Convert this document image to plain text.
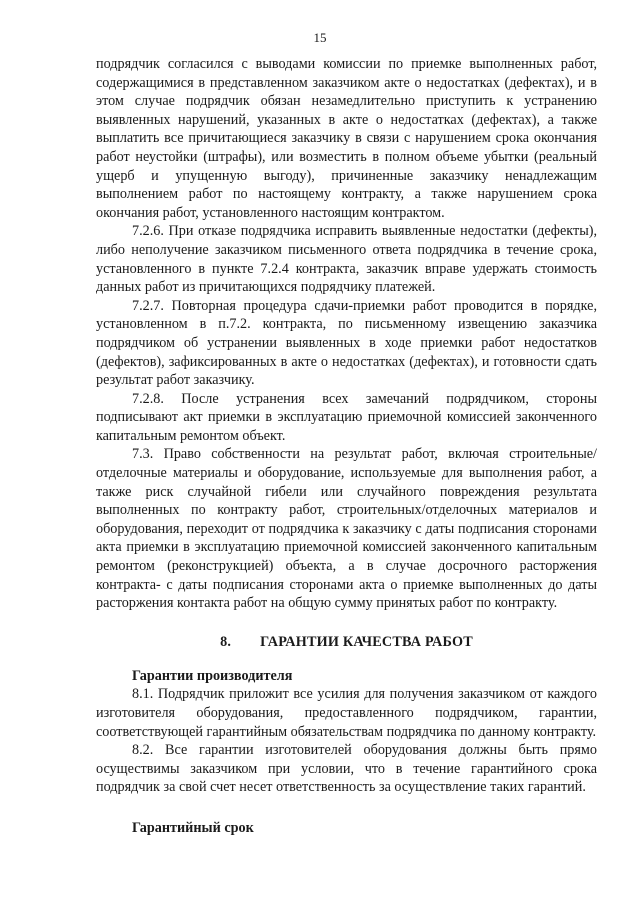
15

подрядчик согласился с выводами комиссии по приемке выполненных работ, содержащимися в представленном заказчиком акте о недостатках (дефектах), и в этом случае подрядчик обязан незамедлительно приступить к устранению выявленных нарушений, указанных в акте о недостатках (дефектах), а также выплатить все причитающиеся заказчику в связи с нарушением срока окончания работ неустойки (штрафы), или возместить в полном объеме убытки (реальный ущерб и упущенную выгоду), причиненные заказчику ненадлежащим выполнением работ по настоящему контракту, а также нарушением срока окончания работ, установленного настоящим контрактом.

7.2.6. При отказе подрядчика исправить выявленные недостатки (дефекты), либо неполучение заказчиком письменного ответа подрядчика в течение срока, установленного в пункте 7.2.4 контракта, заказчик вправе удержать стоимость данных работ из причитающихся подрядчику платежей.

7.2.7. Повторная процедура сдачи-приемки работ проводится в порядке, установленном в п.7.2. контракта, по письменному извещению заказчика подрядчиком об устранении выявленных в ходе приемки работ недостатков (дефектов), зафиксированных в акте о недостатках (дефектах), и готовности сдать результат работ заказчику.

7.2.8. После устранения всех замечаний подрядчиком, стороны подписывают акт приемки в эксплуатацию приемочной комиссией законченного капитальным ремонтом объект.

7.3. Право собственности на результат работ, включая строительные/отделочные материалы и оборудование, используемые для выполнения работ, а также риск случайной гибели или случайного повреждения результата выполненных по контракту работ, строительных/отделочных материалов и оборудования, переходит от подрядчика к заказчику с даты подписания сторонами акта приемки в эксплуатацию приемочной комиссией законченного капитальным ремонтом (реконструкцией) объекта, а в случае досрочного расторжения контракта- с даты подписания сторонами акта о приемке выполненных до даты расторжения контакта работ на общую сумму принятых работ по контракту.

8. ГАРАНТИИ КАЧЕСТВА РАБОТ
Гарантии производителя

8.1. Подрядчик приложит все усилия для получения заказчиком от каждого изготовителя оборудования, предоставленного подрядчиком, гарантии, соответствующей гарантийным обязательствам подрядчика по данному контракту.

8.2. Все гарантии изготовителей оборудования должны быть прямо осуществимы заказчиком при условии, что в течение гарантийного срока подрядчик за свой счет несет ответственность за осуществление таких гарантий.

Гарантийный срок
